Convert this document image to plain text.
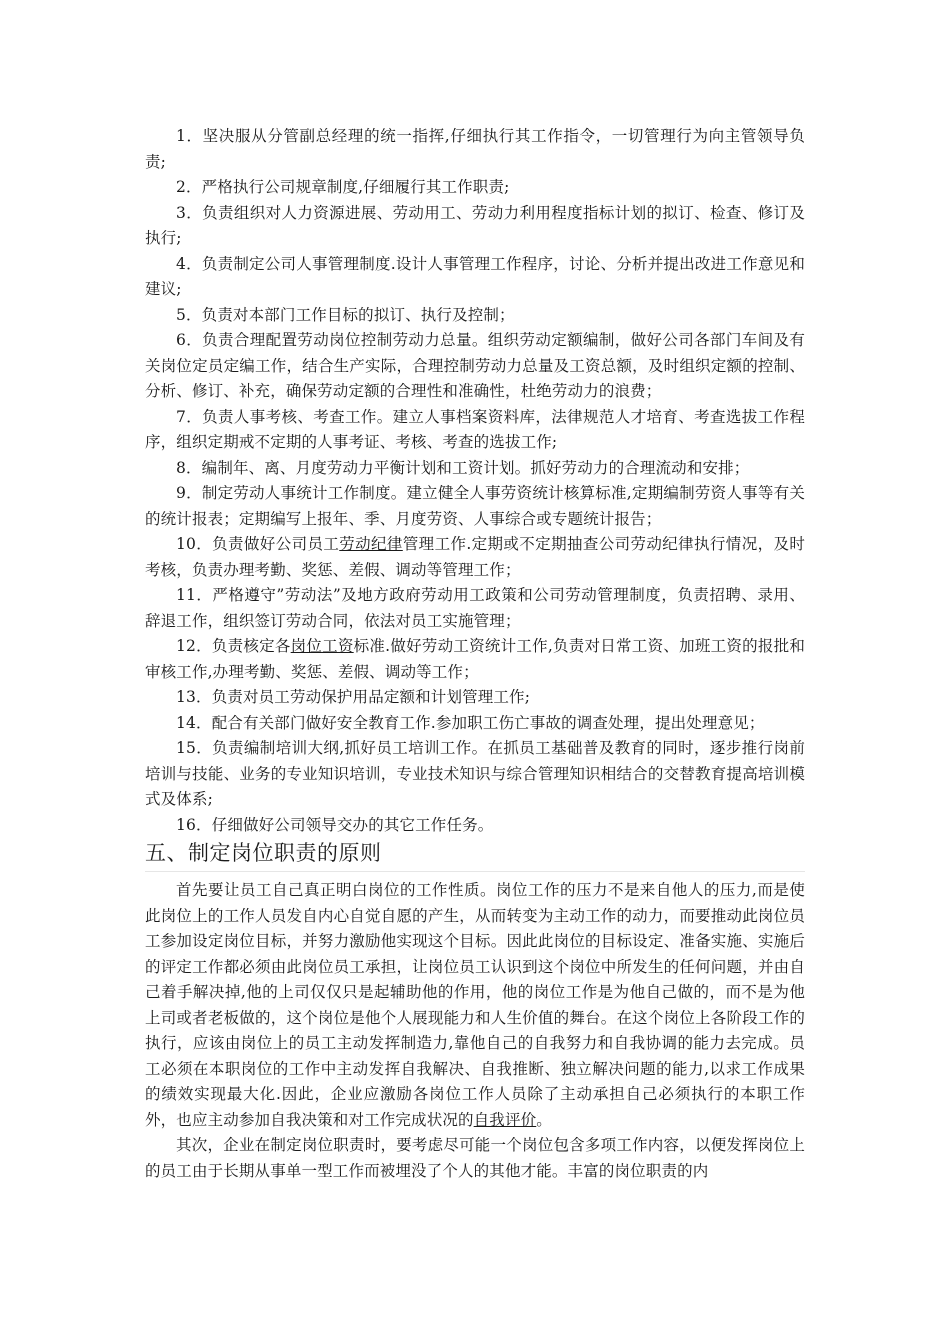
1．坚决服从分管副总经理的统一指挥,仔细执行其工作指令，一切管理行为向主管领导负责;

2．严格执行公司规章制度,仔细履行其工作职责;

3．负责组织对人力资源进展、劳动用工、劳动力利用程度指标计划的拟订、检查、修订及执行;

4．负责制定公司人事管理制度.设计人事管理工作程序，讨论、分析并提出改进工作意见和建议;

5．负责对本部门工作目标的拟订、执行及控制；

6．负责合理配置劳动岗位控制劳动力总量。组织劳动定额编制，做好公司各部门车间及有关岗位定员定编工作，结合生产实际，合理控制劳动力总量及工资总额，及时组织定额的控制、分析、修订、补充，确保劳动定额的合理性和准确性，杜绝劳动力的浪费；

7．负责人事考核、考查工作。建立人事档案资料库，法律规范人才培育、考查选拔工作程序，组织定期戒不定期的人事考证、考核、考查的选拔工作;

8．编制年、离、月度劳动力平衡计划和工资计划。抓好劳动力的合理流动和安排；

9．制定劳动人事统计工作制度。建立健全人事劳资统计核算标准,定期编制劳资人事等有关的统计报表；定期编写上报年、季、月度劳资、人事综合或专题统计报告；

10．负责做好公司员工劳动纪律管理工作.定期或不定期抽查公司劳动纪律执行情况，及时考核，负责办理考勤、奖惩、差假、调动等管理工作；

11．严格遵守”劳动法”及地方政府劳动用工政策和公司劳动管理制度，负责招聘、录用、辞退工作，组织签订劳动合同，依法对员工实施管理；

12．负责核定各岗位工资标准.做好劳动工资统计工作,负责对日常工资、加班工资的报批和审核工作,办理考勤、奖惩、差假、调动等工作；

13．负责对员工劳动保护用品定额和计划管理工作;

14．配合有关部门做好安全教育工作.参加职工伤亡事故的调查处理，提出处理意见；

15．负责编制培训大纲,抓好员工培训工作。在抓员工基础普及教育的同时，逐步推行岗前培训与技能、业务的专业知识培训，专业技术知识与综合管理知识相结合的交替教育提高培训模式及体系;

16．仔细做好公司领导交办的其它工作任务。

五、制定岗位职责的原则

首先要让员工自己真正明白岗位的工作性质。岗位工作的压力不是来自他人的压力,而是使此岗位上的工作人员发自内心自觉自愿的产生，从而转变为主动工作的动力，而要推动此岗位员工参加设定岗位目标，并努力激励他实现这个目标。因此此岗位的目标设定、准备实施、实施后的评定工作都必须由此岗位员工承担，让岗位员工认识到这个岗位中所发生的任何问题，并由自己着手解决掉,他的上司仅仅只是起辅助他的作用，他的岗位工作是为他自己做的，而不是为他上司或者老板做的，这个岗位是他个人展现能力和人生价值的舞台。在这个岗位上各阶段工作的执行，应该由岗位上的员工主动发挥制造力,靠他自己的自我努力和自我协调的能力去完成。员工必须在本职岗位的工作中主动发挥自我解决、自我推断、独立解决问题的能力,以求工作成果的绩效实现最大化.因此，企业应激励各岗位工作人员除了主动承担自己必须执行的本职工作外，也应主动参加自我决策和对工作完成状况的自我评价。

其次，企业在制定岗位职责时，要考虑尽可能一个岗位包含多项工作内容，以便发挥岗位上的员工由于长期从事单一型工作而被埋没了个人的其他才能。丰富的岗位职责的内
